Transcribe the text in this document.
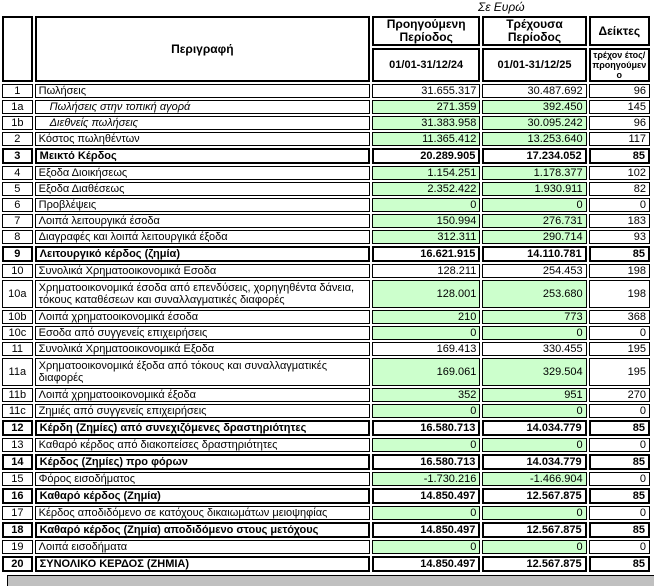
Σε Ευρώ
	Περιγραφή	Προηγούμενη Περίοδος	Τρέχουσα Περίοδος	Δείκτες
		01/01-31/12/24	01/01-31/12/25	τρέχον έτος/προηγούμενο
1	Πωλήσεις	31.655.317	30.487.692	96
1a	Πωλήσεις στην τοπική αγορά	271.359	392.450	145
1b	Διεθνείς πωλήσεις	31.383.958	30.095.242	96
2	Κόστος πωληθέντων	11.365.412	13.253.640	117
3	Μεικτό Κέρδος	20.289.905	17.234.052	85
4	Εξοδα Διοικήσεως	1.154.251	1.178.377	102
5	Εξοδα Διαθέσεως	2.352.422	1.930.911	82
6	Προβλέψεις	0	0	0
7	Λοιπά λειτουργικά έσοδα	150.994	276.731	183
8	Διαγραφές και λοιπά λειτουργικά έξοδα	312.311	290.714	93
9	Λειτουργικό κέρδος (ζημία)	16.621.915	14.110.781	85
10	Συνολικά Χρηματοοικονομικά Εσοδα	128.211	254.453	198
10a	Χρηματοοικονομικά έσοδα από επενδύσεις, χορηγηθέντα δάνεια, τόκους καταθέσεων και συναλλαγματικές διαφορές	128.001	253.680	198
10b	Λοιπά χρηματοοικονομικά έσοδα	210	773	368
10c	Εσοδα από συγγενείς επιχειρήσεις	0	0	0
11	Συνολικά Χρηματοοικονομικά Εξοδα	169.413	330.455	195
11a	Χρηματοοικονομικά έξοδα από τόκους και συναλλαγματικές διαφορές	169.061	329.504	195
11b	Λοιπά χρηματοοικονομικά έξοδα	352	951	270
11c	Ζημιές από συγγενείς επιχειρήσεις	0	0	0
12	Κέρδη (Ζημίες) από συνεχιζόμενες δραστηριότητες	16.580.713	14.034.779	85
13	Καθαρό κέρδος από διακοπείσες δραστηριότητες	0	0	0
14	Κέρδος (Ζημίες) προ φόρων	16.580.713	14.034.779	85
15	Φόρος εισοδήματος	-1.730.216	-1.466.904	0
16	Καθαρό κέρδος (Ζημία)	14.850.497	12.567.875	85
17	Κέρδος αποδιδόμενο σε κατόχους δικαιωμάτων μειοψηφίας	0	0	0
18	Καθαρό κέρδος (Ζημία) αποδιδόμενο στους μετόχους	14.850.497	12.567.875	85
19	Λοιπά εισοδήματα	0	0	0
20	ΣΥΝΟΛΙΚΟ ΚΕΡΔΟΣ (ΖΗΜΙΑ)	14.850.497	12.567.875	85
